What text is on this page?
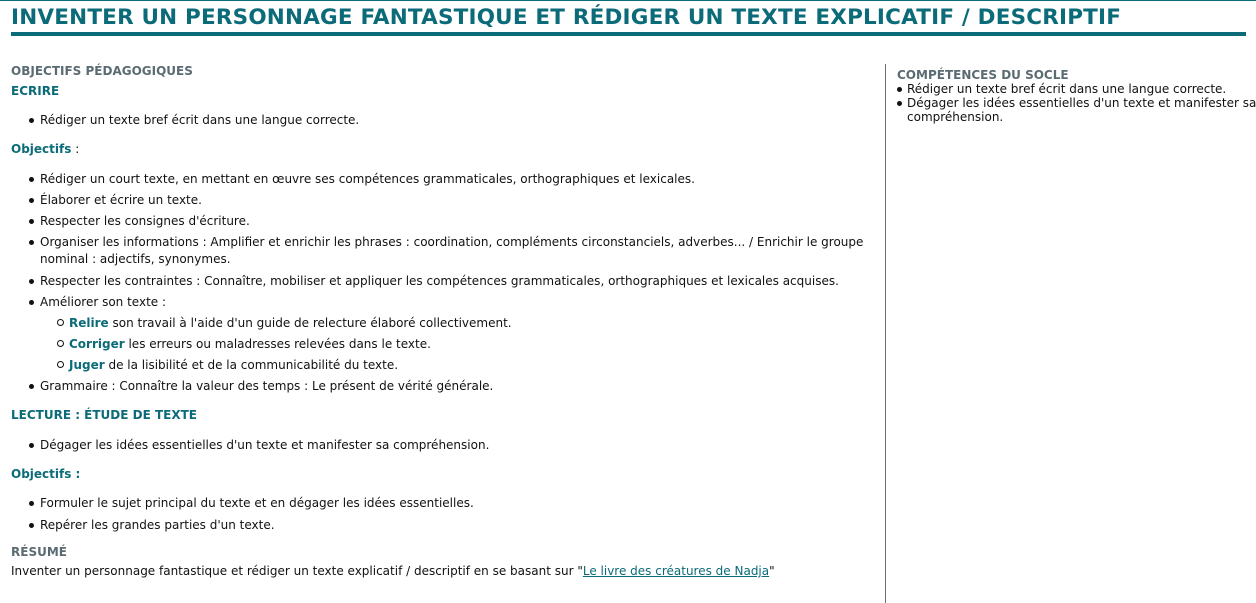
INVENTER UN PERSONNAGE FANTASTIQUE ET RÉDIGER UN TEXTE EXPLICATIF / DESCRIPTIF
OBJECTIFS PÉDAGOGIQUES
ECRIRE
Rédiger un texte bref écrit dans une langue correcte.
Objectifs :
Rédiger un court texte, en mettant en œuvre ses compétences grammaticales, orthographiques et lexicales.
Élaborer et écrire un texte.
Respecter les consignes d'écriture.
Organiser les informations : Amplifier et enrichir les phrases : coordination, compléments circonstanciels, adverbes... / Enrichir le groupe nominal : adjectifs, synonymes.
Respecter les contraintes : Connaître, mobiliser et appliquer les compétences grammaticales, orthographiques et lexicales acquises.
Améliorer son texte :
Relire son travail à l'aide d'un guide de relecture élaboré collectivement.
Corriger les erreurs ou maladresses relevées dans le texte.
Juger de la lisibilité et de la communicabilité du texte.
Grammaire : Connaître la valeur des temps : Le présent de vérité générale.
LECTURE : ÉTUDE DE TEXTE
Dégager les idées essentielles d'un texte et manifester sa compréhension.
Objectifs :
Formuler le sujet principal du texte et en dégager les idées essentielles.
Repérer les grandes parties d'un texte.
RÉSUMÉ
Inventer un personnage fantastique et rédiger un texte explicatif / descriptif en se basant sur "Le livre des créatures de Nadja"
COMPÉTENCES DU SOCLE
Rédiger un texte bref écrit dans une langue correcte.
Dégager les idées essentielles d'un texte et manifester sa compréhension.
